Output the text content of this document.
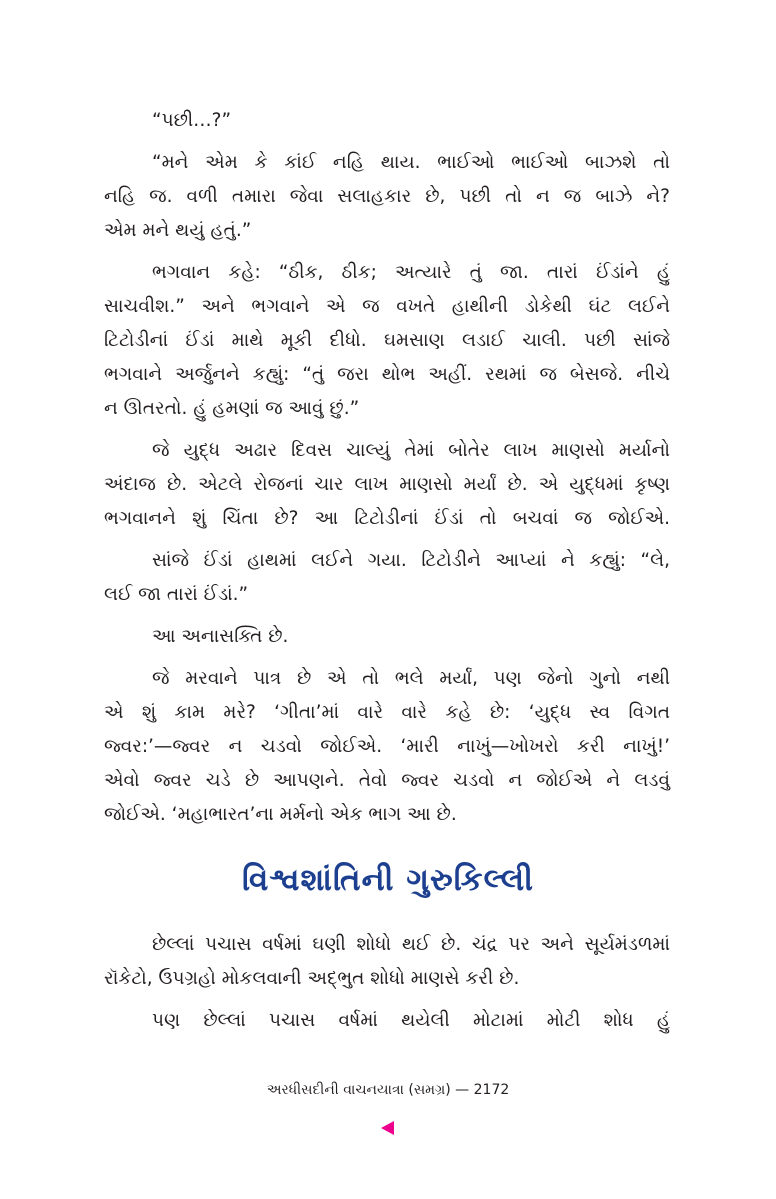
“પછી…?”

“મને એમ કે કાંઈ નહિ થાય. ભાઈઓ ભાઈઓ બાઝશે તો
નહિ જ. વળી તમારા જેવા સલાહકાર છે, પછી તો ન જ બાઝે ને?
એમ મને થયું હતું.”

ભગવાન કહે: “ઠીક, ઠીક; અત્યારે તું જા. તારાં ઈંડાંને હું
સાચવીશ.” અને ભગવાને એ જ વખતે હાથીની ડોકેથી ઘંટ લઈને
ટિટોડીનાં ઈંડાં માથે મૂકી દીધો. ઘમસાણ લડાઈ ચાલી. પછી સાંજે
ભગવાને અર્જુનને કહ્યું: “તું જરા થોભ અહીં. રથમાં જ બેસજે. નીચે
ન ઊતરતો. હું હમણાં જ આવું છું.”

જે યુદ્ધ અઢાર દિવસ ચાલ્યું તેમાં બોતેર લાખ માણસો મર્યાનો
અંદાજ છે. એટલે રોજનાં ચાર લાખ માણસો મર્યાં છે. એ યુદ્ધમાં કૃષ્ણ
ભગવાનને શું ચિંતા છે? આ ટિટોડીનાં ઈંડાં તો બચવાં જ જોઈએ.

સાંજે ઈંડાં હાથમાં લઈને ગયા. ટિટોડીને આપ્યાં ને કહ્યું: “લે,
લઈ જા તારાં ઈંડાં.”

આ અનાસક્તિ છે.

જે મરવાને પાત્ર છે એ તો ભલે મર્યાં, પણ જેનો ગુનો નથી
એ શું કામ મરે? ‘ગીતા’માં વારે વારે કહે છે: ‘યુદ્ધ સ્વ વિગત
જ્વર:’—જ્વર ન ચડવો જોઈએ. ‘મારી નાખું—ખોખરો કરી નાખું!’
એવો જ્વર ચડે છે આપણને. તેવો જ્વર ચડવો ન જોઈએ ને લડવું
જોઈએ. ‘મહાભારત’ના મર્મનો એક ભાગ આ છે.

વિશ્વશાંતિની ગુરુકિલ્લી

છેલ્લાં પચાસ વર્ષમાં ઘણી શોધો થઈ છે. ચંદ્ર પર અને સૂર્યમંડળમાં
રૉકેટો, ઉપગ્રહો મોકલવાની અદ્ભુત શોધો માણસે કરી છે.

પણ છેલ્લાં પચાસ વર્ષમાં થયેલી મોટામાં મોટી શોધ હું

અરધીસદીની વાચનયાત્રા (સમગ્ર) — 2172
